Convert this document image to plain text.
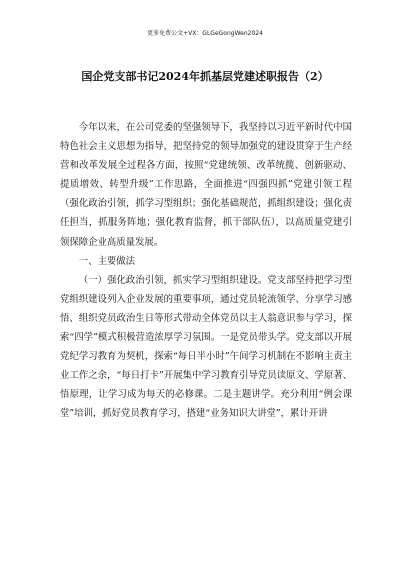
更多免费公文+VX：GLGeGongWen2024
国企党支部书记2024年抓基层党建述职报告（2）

今年以来，在公司党委的坚强领导下，我坚持以习近平新时代中国特色社会主义思想为指导，把坚持党的领导加强党的建设贯穿于生产经营和改革发展全过程各方面，按照“党建统领、改革统揽、创新驱动、提质增效、转型升级”工作思路，全面推进“四强四抓”党建引领工程（强化政治引领，抓学习型组织；强化基础规范，抓组织建设；强化责任担当，抓服务阵地；强化教育监督，抓干部队伍），以高质量党建引领保障企业高质量发展。

一、主要做法

（一）强化政治引领，抓实学习型组织建设。党支部坚持把学习型党组织建设列入企业发展的重要事项，通过党员轮流领学、分享学习感悟、组织党员政治生日等形式带动全体党员以主人翁意识参与学习，探索“四学”模式积极营造浓厚学习氛围。一是党员带头学。党支部以开展党纪学习教育为契机，探索“每日半小时”午间学习机制在不影响主责主业工作之余，“每日打卡”开展集中学习教育引导党员读原文、学原著、悟原理，让学习成为每天的必修课。二是主题讲学。充分利用“例会课堂”培训，抓好党员教育学习，搭建“业务知识大讲堂”，累计开讲
